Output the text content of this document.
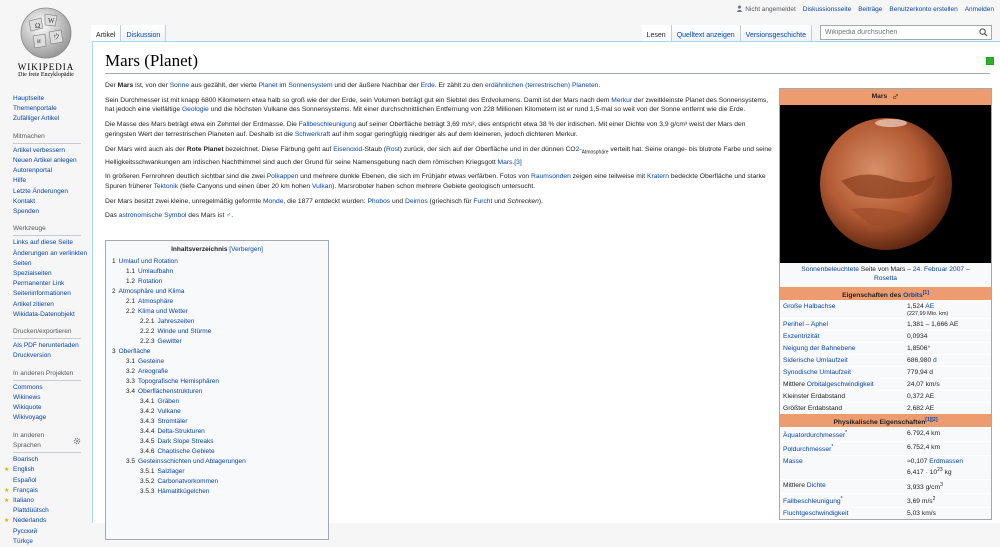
Nicht angemeldet Diskussionsseite Beiträge Benutzerkonto erstellen Anmelden
Ω
W
и ウ
WIKIPEDIA
Die freie Enzyklopädie
Hauptseite
Themenportale
Zufälliger Artikel
Mitmachen
Artikel verbessern
Neuen Artikel anlegen
Autorenportal
Hilfe
Letzte Änderungen
Kontakt
Spenden
Werkzeuge
Links auf diese Seite
Änderungen an verlinkten Seiten
Spezialseiten
Permanenter Link
Seiteninformationen
Artikel zitieren
Wikidata-Datenobjekt
Drucken/exportieren
Als PDF herunterladen
Druckversion
In anderen Projekten
Commons
Wikinews
Wikiquote
Wikivoyage
In anderen Sprachen
Boarisch
★ English
Español
★ Français
★ Italiano
Plattdüütsch
★ Nederlands
Русский
Türkçe
Artikel	Diskussion	Lesen	Quelltext anzeigen	Versionsgeschichte
Wikipedia durchsuchen
Mars (Planet)

Der Mars ist, von der Sonne aus gezählt, der vierte Planet im Sonnensystem und der äußere Nachbar der Erde. Er zählt zu den erdähnlichen (terrestrischen) Planeten.

Sein Durchmesser ist mit knapp 6800 Kilometern etwa halb so groß wie der der Erde, sein Volumen beträgt gut ein Siebtel des Erdvolumens. Damit ist der Mars nach dem Merkur der zweitkleinste Planet des Sonnensystems, hat jedoch eine vielfältige Geologie und die höchsten Vulkane des Sonnensystems. Mit einer durchschnittlichen Entfernung von 228 Millionen Kilometern ist er rund 1,5-mal so weit von der Sonne entfernt wie die Erde.

Die Masse des Mars beträgt etwa ein Zehntel der Erdmasse. Die Fallbeschleunigung auf seiner Oberfläche beträgt 3,69 m/s², dies entspricht etwa 38 % der irdischen. Mit einer Dichte von 3,9 g/cm³ weist der Mars den geringsten Wert der terrestrischen Planeten auf. Deshalb ist die Schwerkraft auf ihm sogar geringfügig niedriger als auf dem kleineren, jedoch dichteren Merkur.

Der Mars wird auch als der Rote Planet bezeichnet. Diese Färbung geht auf Eisenoxid-Staub (Rost) zurück, der sich auf der Oberfläche und in der dünnen $CO2-_{Atmosphäre}$ verteilt hat. Seine orange- bis blutrote Farbe und seine Helligkeitsschwankungen am irdischen Nachthimmel sind auch der Grund für seine Namensgebung nach dem römischen Kriegsgott Mars.[3]

In größeren Fernrohren deutlich sichtbar sind die zwei Polkappen und mehrere dunkle Ebenen, die sich im Frühjahr etwas verfärben. Fotos von Raumsonden zeigen eine teilweise mit Kratern bedeckte Oberfläche und starke Spuren früherer Tektonik (tiefe Canyons und einen über 20 km hohen Vulkan). Marsroboter haben schon mehrere Gebiete geologisch untersucht.

Der Mars besitzt zwei kleine, unregelmäßig geformte Monde, die 1877 entdeckt wurden: Phobos und Deimos (griechisch für Furcht und Schrecken).

Das astronomische Symbol des Mars ist ♂.

Inhaltsverzeichnis [Verbergen]
1 Umlauf und Rotation
1.1 Umlaufbahn
1.2 Rotation
2 Atmosphäre und Klima
2.1 Atmosphäre
2.2 Klima und Wetter
2.2.1 Jahreszeiten
2.2.2 Winde und Stürme
2.2.3 Gewitter
3 Oberfläche
3.1 Gesteine
3.2 Areografie
3.3 Topografische Hemisphären
3.4 Oberflächenstrukturen
3.4.1 Gräben
3.4.2 Vulkane
3.4.3 Stromtäler
3.4.4 Delta-Strukturen
3.4.5 Dark Slope Streaks
3.4.6 Chaotische Gebiete
3.5 Gesteinsschichten und Ablagerungen
3.5.1 Salzlager
3.5.2 Carbonatvorkommen
3.5.3 Hämatitkügelchen
Mars ♂
Sonnenbeleuchtete Seite von Mars – 24. Februar 2007 –
Rosetta
Eigenschaften des Orbits[1]
Große Halbachse	1,524 AE
(227,99 Mio. km)
Perihel – Aphel	1,381 – 1,666 AE
Exzentrizität	0,0934
Neigung der Bahnebene	1,8506°
Siderische Umlaufzeit	686,980 d
Synodische Umlaufzeit	779,94 d
Mittlere Orbitalgeschwindigkeit	24,07 km/s
Kleinster Erdabstand	0,372 AE
Größter Erdabstand	2,682 AE
Physikalische Eigenschaften[1][2]
Äquatordurchmesser*	6.792,4 km
Poldurchmesser*	6.752,4 km
Masse	≈0,107 Erdmassen
$6,417 \cdot 10^{23}$ kg
Mittlere Dichte	3,933 $g/cm^3$
Fallbeschleunigung*	3,69 $m/s^2$
Fluchtgeschwindigkeit	5,03 km/s
